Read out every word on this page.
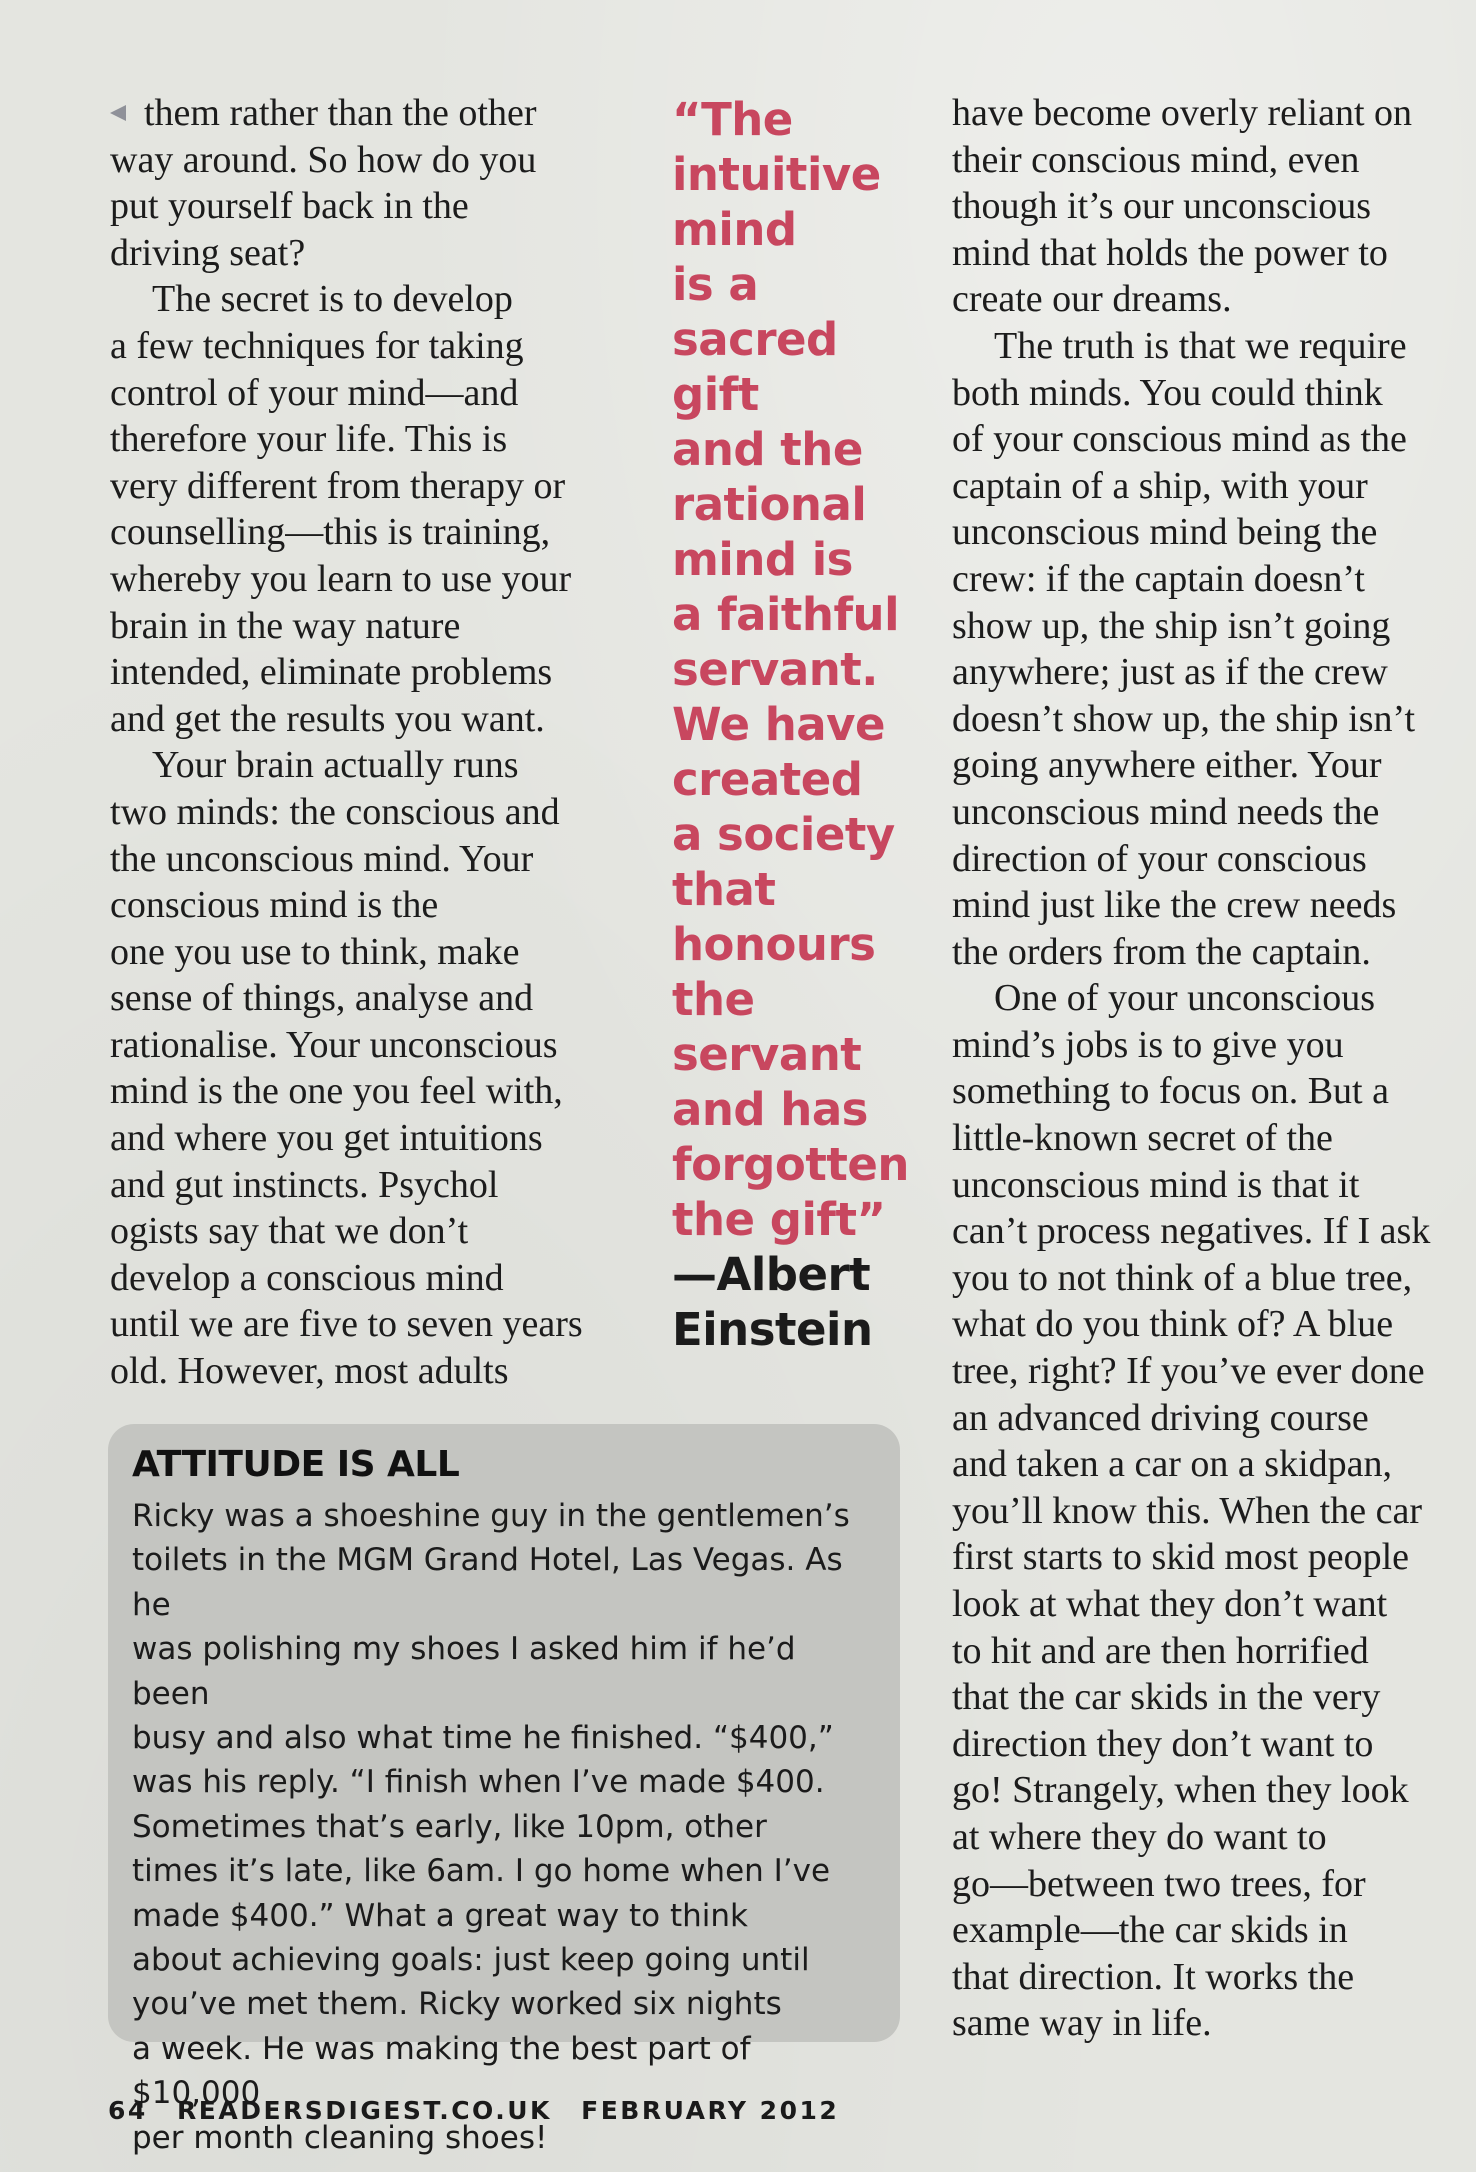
them rather than the other
way around. So how do you
put yourself back in the
driving seat?

The secret is to develop
a few techniques for taking
control of your mind—and
therefore your life. This is
very different from therapy or
counselling—this is training,
whereby you learn to use your
brain in the way nature
intended, eliminate problems
and get the results you want.

Your brain actually runs
two minds: the conscious and
the unconscious mind. Your
conscious mind is the
one you use to think, make
sense of things, analyse and
rationalise. Your unconscious
mind is the one you feel with,
and where you get intuitions
and gut instincts. Psychol
ogists say that we don’t
develop a conscious mind
until we are five to seven years
old. However, most adults

“The
intuitive
mind
is a sacred
gift
and the
rational
mind is
a faithful
servant.
We have
created
a society
that
honours
the
servant
and has
forgotten
the gift”
—Albert
Einstein

have become overly reliant on
their conscious mind, even
though it’s our unconscious
mind that holds the power to
create our dreams.

The truth is that we require
both minds. You could think
of your conscious mind as the
captain of a ship, with your
unconscious mind being the
crew: if the captain doesn’t
show up, the ship isn’t going
anywhere; just as if the crew
doesn’t show up, the ship isn’t
going anywhere either. Your
unconscious mind needs the
direction of your conscious
mind just like the crew needs
the orders from the captain.

One of your unconscious
mind’s jobs is to give you
something to focus on. But a
little-known secret of the
unconscious mind is that it
can’t process negatives. If I ask
you to not think of a blue tree,
what do you think of? A blue
tree, right? If you’ve ever done
an advanced driving course
and taken a car on a skidpan,
you’ll know this. When the car
first starts to skid most people
look at what they don’t want
to hit and are then horrified
that the car skids in the very
direction they don’t want to
go! Strangely, when they look
at where they do want to
go—between two trees, for
example—the car skids in
that direction. It works the
same way in life.

ATTITUDE IS ALL

Ricky was a shoeshine guy in the gentlemen’s
toilets in the MGM Grand Hotel, Las Vegas. As he
was polishing my shoes I asked him if he’d been
busy and also what time he finished. “$400,”
was his reply. “I finish when I’ve made $400.
Sometimes that’s early, like 10pm, other
times it’s late, like 6am. I go home when I’ve
made $400.” What a great way to think
about achieving goals: just keep going until
you’ve met them. Ricky worked six nights
a week. He was making the best part of $10,000
per month cleaning shoes!

64 READERSDIGEST.CO.UK FEBRUARY 2012
